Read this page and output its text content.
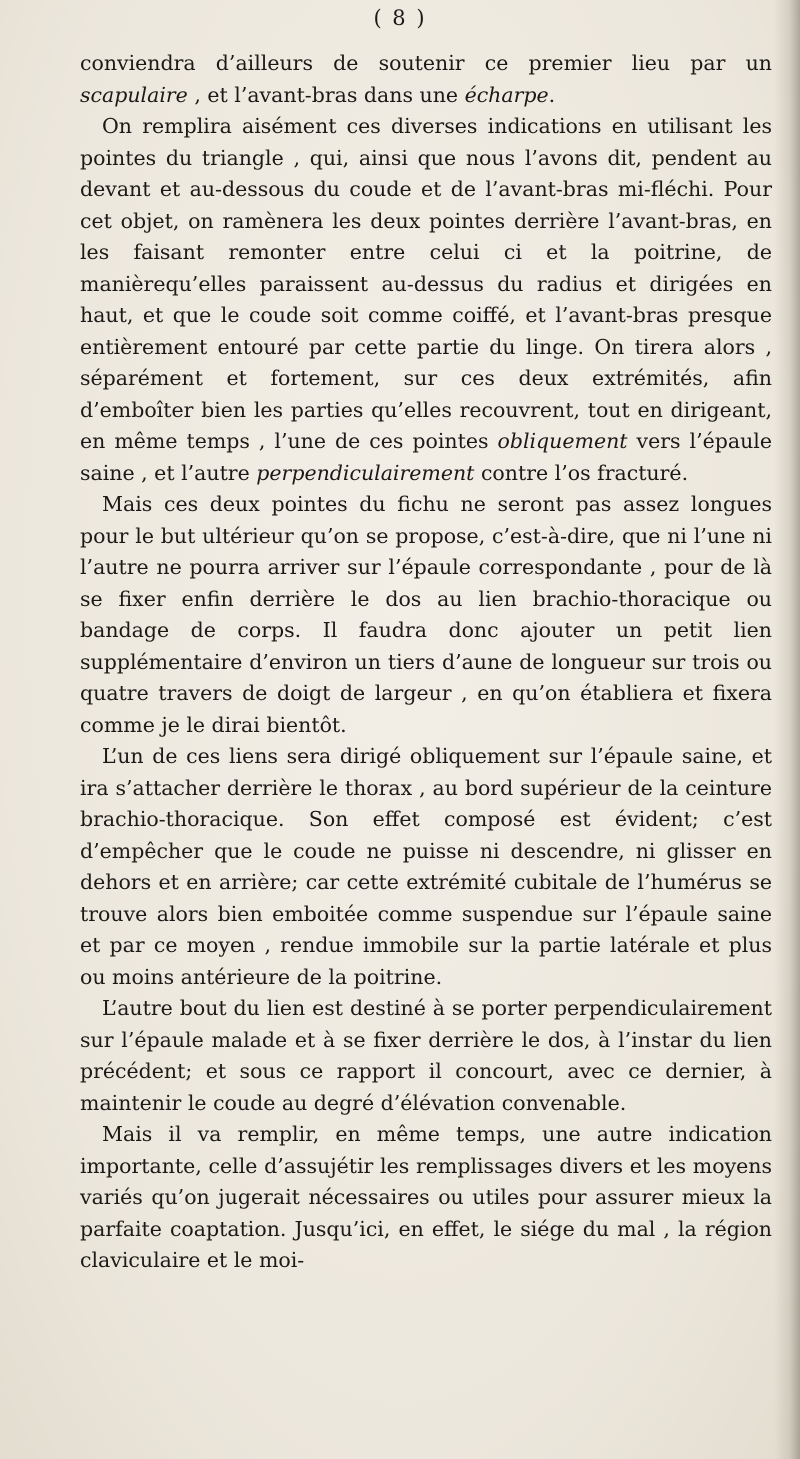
( 8 )

conviendra d’ailleurs de soutenir ce premier lieu par un scapulaire , et l’avant-bras dans une écharpe.

On remplira aisément ces diverses indications en utilisant les pointes du triangle , qui, ainsi que nous l’avons dit, pendent au devant et au-dessous du coude et de l’avant-bras mi-fléchi. Pour cet objet, on ramènera les deux pointes derrière l’avant-bras, en les faisant remonter entre celui ci et la poitrine, de manièrequ’elles paraissent au-dessus du radius et dirigées en haut, et que le coude soit comme coiffé, et l’avant-bras presque entièrement entouré par cette partie du linge. On tirera alors , séparément et fortement, sur ces deux extrémités, afin d’emboîter bien les parties qu’elles recouvrent, tout en dirigeant, en même temps , l’une de ces pointes obliquement vers l’épaule saine , et l’autre perpendiculairement contre l’os fracturé.

Mais ces deux pointes du fichu ne seront pas assez longues pour le but ultérieur qu’on se propose, c’est-à-dire, que ni l’une ni l’autre ne pourra arriver sur l’épaule correspondante , pour de là se fixer enfin derrière le dos au lien brachio-thoracique ou bandage de corps. Il faudra donc ajouter un petit lien supplémentaire d’environ un tiers d’aune de longueur sur trois ou quatre travers de doigt de largeur , en qu’on établiera et fixera comme je le dirai bientôt.

L’un de ces liens sera dirigé obliquement sur l’épaule saine, et ira s’attacher derrière le thorax , au bord supérieur de la ceinture brachio-thoracique. Son effet composé est évident; c’est d’empêcher que le coude ne puisse ni descendre, ni glisser en dehors et en arrière; car cette extrémité cubitale de l’humérus se trouve alors bien emboitée comme suspendue sur l’épaule saine et par ce moyen , rendue immobile sur la partie latérale et plus ou moins antérieure de la poitrine.

L’autre bout du lien est destiné à se porter perpendiculairement sur l’épaule malade et à se fixer derrière le dos, à l’instar du lien précédent; et sous ce rapport il concourt, avec ce dernier, à maintenir le coude au degré d’élévation convenable.

Mais il va remplir, en même temps, une autre indication importante, celle d’assujétir les remplissages divers et les moyens variés qu’on jugerait nécessaires ou utiles pour assurer mieux la parfaite coaptation. Jusqu’ici, en effet, le siége du mal , la région claviculaire et le moi-
